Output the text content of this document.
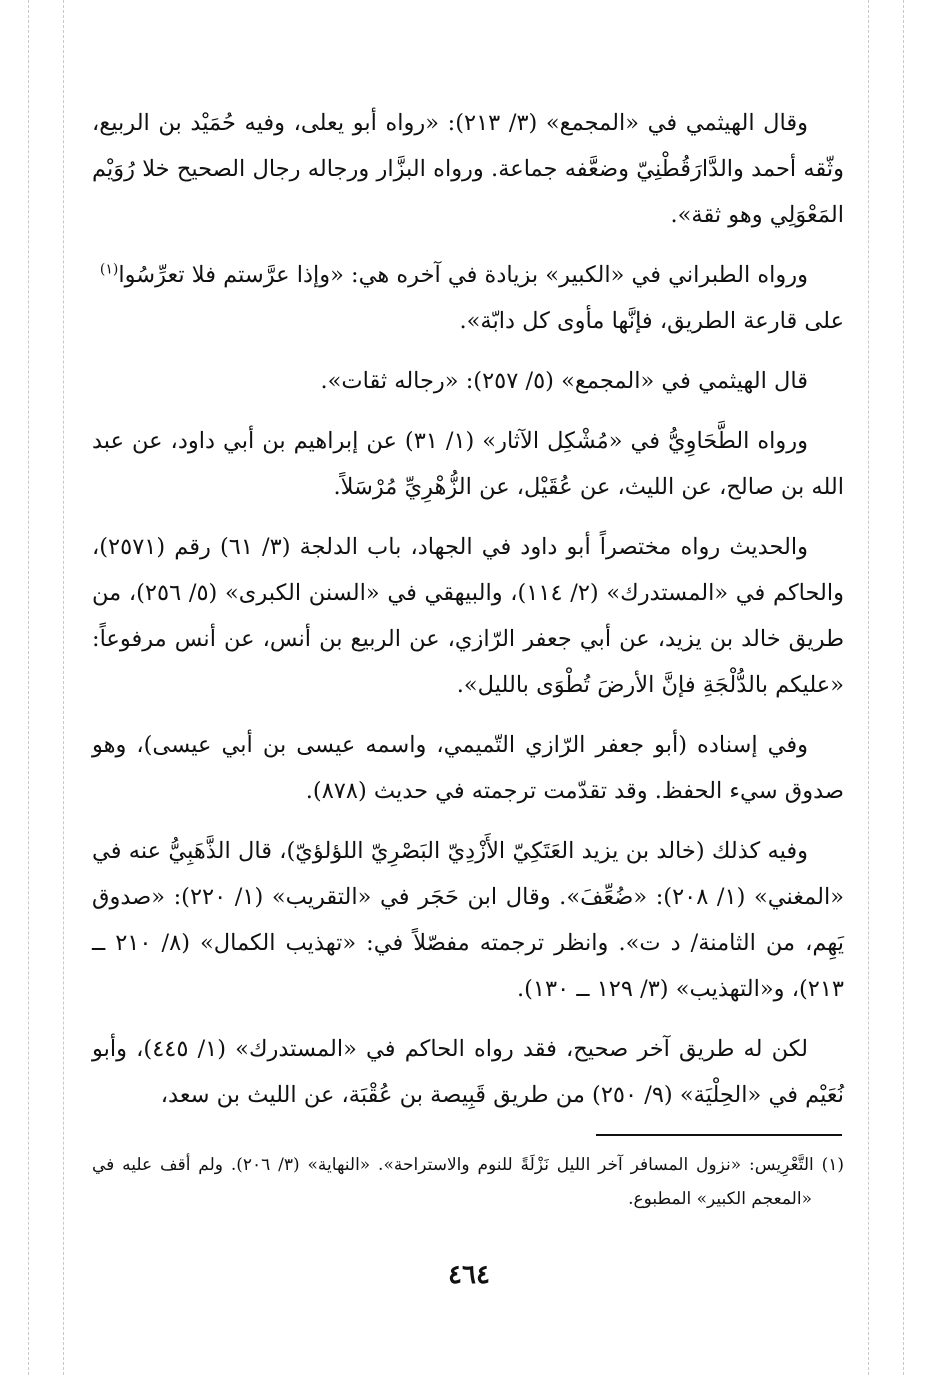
وقال الهيثمي في «المجمع» (٣/ ٢١٣): «رواه أبو يعلى، وفيه حُمَيْد بن الربيع، وثّقه أحمد والدَّارَقُطْنِيّ وضعَّفه جماعة. ورواه البزَّار ورجاله رجال الصحيح خلا رُوَيْم المَعْوَلِي وهو ثقة».

ورواه الطبراني في «الكبير» بزيادة في آخره هي: «وإذا عرَّستم فلا تعرِّسُوا$^{(١)}$

على قارعة الطريق، فإنَّها مأوى كل دابّة».

قال الهيثمي في «المجمع» (٥/ ٢٥٧): «رجاله ثقات».

ورواه الطَّحَاوِيُّ في «مُشْكِل الآثار» (١/ ٣١) عن إبراهيم بن أبي داود، عن عبد الله بن صالح، عن الليث، عن عُقَيْل، عن الزُّهْرِيِّ مُرْسَلاً.

والحديث رواه مختصراً أبو داود في الجهاد، باب الدلجة (٣/ ٦١) رقم (٢٥٧١)، والحاكم في «المستدرك» (٢/ ١١٤)، والبيهقي في «السنن الكبرى» (٥/ ٢٥٦)، من طريق خالد بن يزيد، عن أبي جعفر الرّازي، عن الربيع بن أنس، عن أنس مرفوعاً: «عليكم بالدُّلْجَةِ فإنَّ الأرضَ تُطْوَى بالليل».

وفي إسناده (أبو جعفر الرّازي التّميمي، واسمه عيسى بن أبي عيسى)، وهو صدوق سيء الحفظ. وقد تقدّمت ترجمته في حديث (٨٧٨).

وفيه كذلك (خالد بن يزيد العَتَكِيّ الأَزْدِيّ البَصْرِيّ اللؤلؤيّ)، قال الذَّهَبِيُّ عنه في «المغني» (١/ ٢٠٨): «ضُعِّفَ». وقال ابن حَجَر في «التقريب» (١/ ٢٢٠): «صدوق يَهِم، من الثامنة/ د ت». وانظر ترجمته مفصّلاً في: «تهذيب الكمال» (٨/ ٢١٠ ــ ٢١٣)، و«التهذيب» (٣/ ١٢٩ ــ ١٣٠).

لكن له طريق آخر صحيح، فقد رواه الحاكم في «المستدرك» (١/ ٤٤٥)، وأبو نُعَيْم في «الحِلْيَة» (٩/ ٢٥٠) من طريق قَبِيصة بن عُقْبَة، عن الليث بن سعد،

(١) التَّعْرِيس: «نزول المسافر آخر الليل نَزْلَةً للنوم والاستراحة». «النهاية» (٣/ ٢٠٦). ولم أقف عليه في «المعجم الكبير» المطبوع.

٤٦٤
